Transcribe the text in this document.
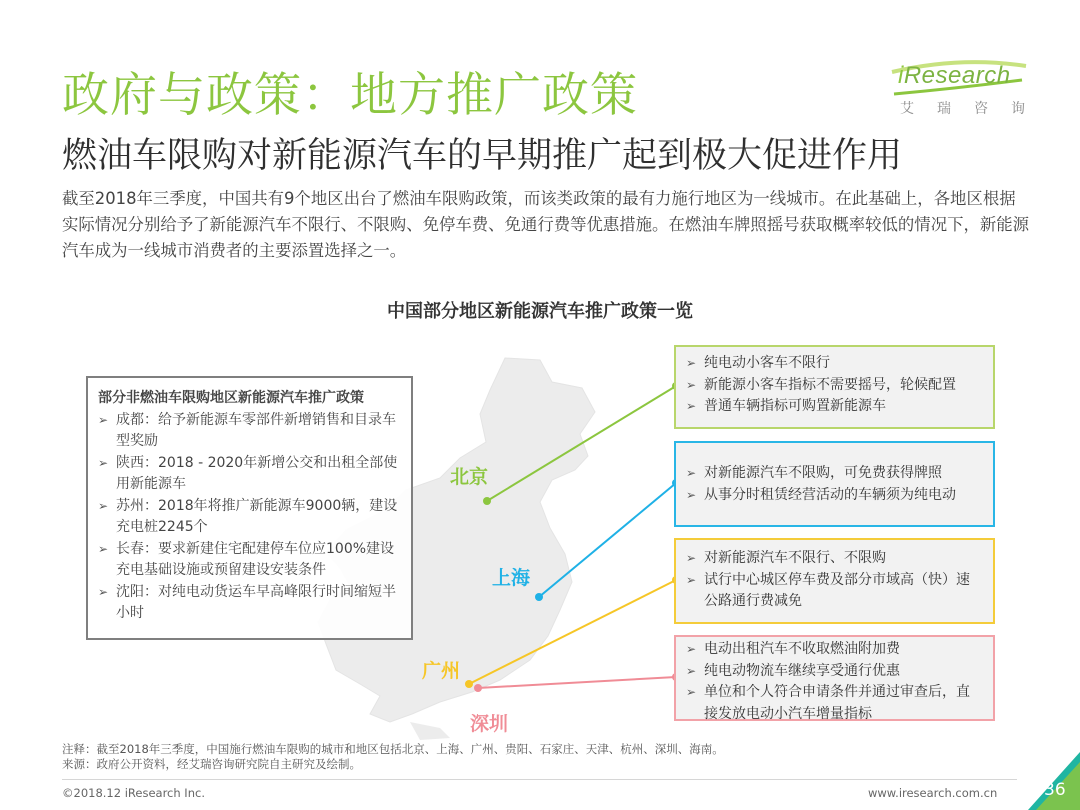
政府与政策：地方推广政策
燃油车限购对新能源汽车的早期推广起到极大促进作用
iResearch
艾 瑞 咨 询
截至2018年三季度，中国共有9个地区出台了燃油车限购政策，而该类政策的最有力施行地区为一线城市。在此基础上，各地区根据实际情况分别给予了新能源汽车不限行、不限购、免停车费、免通行费等优惠措施。在燃油车牌照摇号获取概率较低的情况下，新能源汽车成为一线城市消费者的主要添置选择之一。
中国部分地区新能源汽车推广政策一览
北京
上海
广州
深圳
部分非燃油车限购地区新能源汽车推广政策
➢ 成都：给予新能源车零部件新增销售和目录车型奖励
➢ 陕西：2018 - 2020年新增公交和出租全部使用新能源车
➢ 苏州：2018年将推广新能源车9000辆，建设充电桩2245个
➢ 长春：要求新建住宅配建停车位应100%建设充电基础设施或预留建设安装条件
➢ 沈阳：对纯电动货运车早高峰限行时间缩短半小时
➢ 纯电动小客车不限行
➢ 新能源小客车指标不需要摇号，轮候配置
➢ 普通车辆指标可购置新能源车
➢ 对新能源汽车不限购，可免费获得牌照
➢ 从事分时租赁经营活动的车辆须为纯电动
➢ 对新能源汽车不限行、不限购
➢ 试行中心城区停车费及部分市域高（快）速公路通行费减免
➢ 电动出租汽车不收取燃油附加费
➢ 纯电动物流车继续享受通行优惠
➢ 单位和个人符合申请条件并通过审查后，直接发放电动小汽车增量指标
注释：截至2018年三季度，中国施行燃油车限购的城市和地区包括北京、上海、广州、贵阳、石家庄、天津、杭州、深圳、海南。
来源：政府公开资料，经艾瑞咨询研究院自主研究及绘制。
©2018.12 iResearch Inc.	www.iresearch.com.cn	36
